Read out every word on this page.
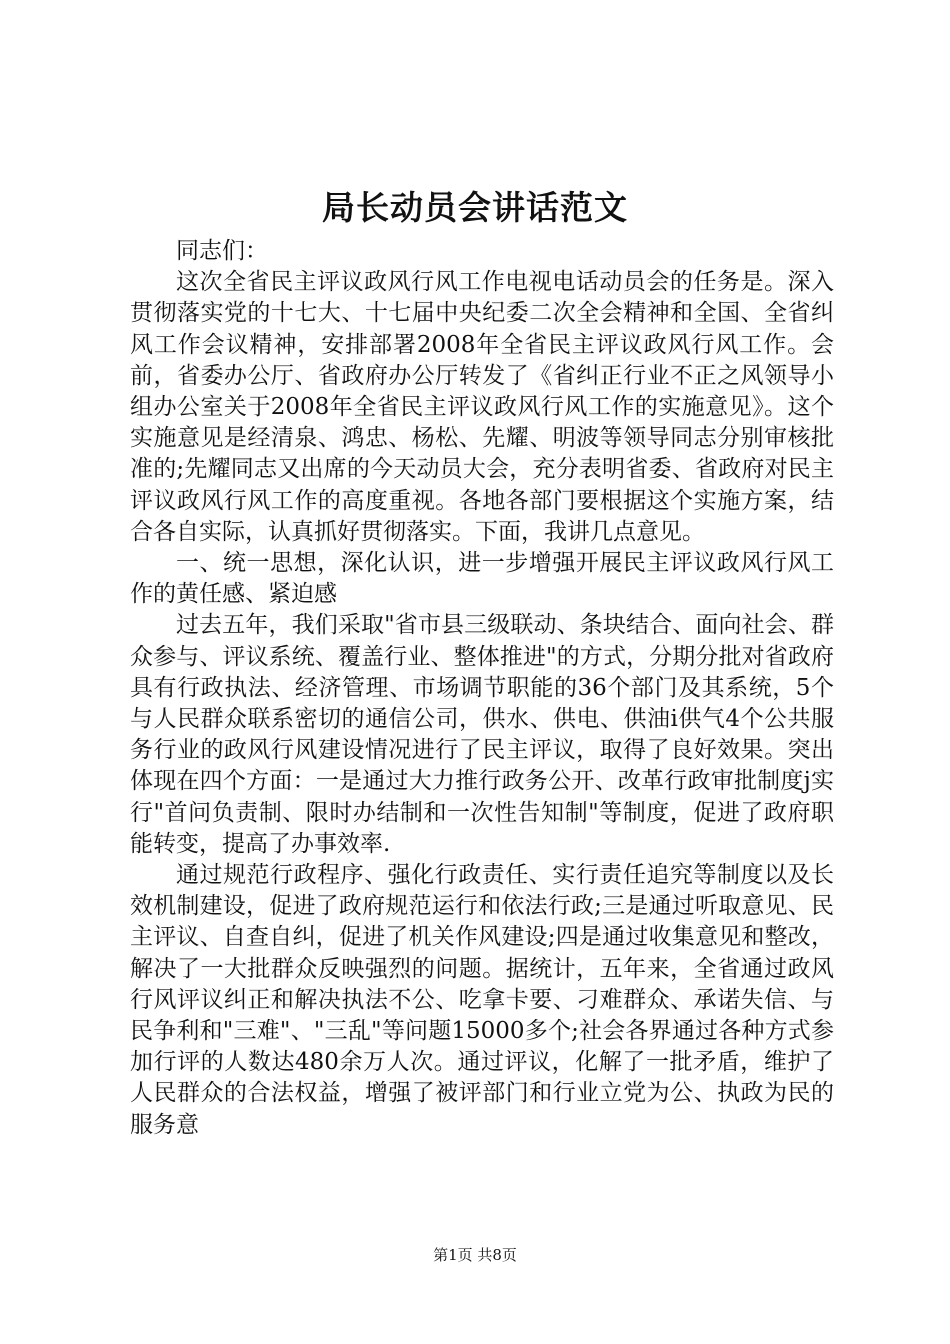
局长动员会讲话范文

同志们：

这次全省民主评议政风行风工作电视电话动员会的任务是。深入贯彻落实党的十七大、十七届中央纪委二次全会精神和全国、全省纠风工作会议精神，安排部署2008年全省民主评议政风行风工作。会前，省委办公厅、省政府办公厅转发了《省纠正行业不正之风领导小组办公室关于2008年全省民主评议政风行风工作的实施意见》。这个实施意见是经清泉、鸿忠、杨松、先耀、明波等领导同志分别审核批准的;先耀同志又出席的今天动员大会，充分表明省委、省政府对民主评议政风行风工作的高度重视。各地各部门要根据这个实施方案，结合各自实际，认真抓好贯彻落实。下面，我讲几点意见。

一、统一思想，深化认识，进一步增强开展民主评议政风行风工作的黄任感、紧迫感

过去五年，我们采取"省市县三级联动、条块结合、面向社会、群众参与、评议系统、覆盖行业、整体推进"的方式，分期分批对省政府具有行政执法、经济管理、市场调节职能的36个部门及其系统，5个与人民群众联系密切的通信公司，供水、供电、供油i供气4个公共服务行业的政风行风建设情况进行了民主评议，取得了良好效果。突出体现在四个方面：一是通过大力推行政务公开、改革行政审批制度j实行"首问负责制、限时办结制和一次性告知制"等制度，促进了政府职能转变，提高了办事效率.

通过规范行政程序、强化行政责任、实行责任追究等制度以及长效机制建设，促进了政府规范运行和依法行政;三是通过听取意见、民主评议、自查自纠，促进了机关作风建设;四是通过收集意见和整改，解决了一大批群众反映强烈的问题。据统计，五年来，全省通过政风行风评议纠正和解决执法不公、吃拿卡要、刁难群众、承诺失信、与民争利和"三难"、"三乱"等问题15000多个;社会各界通过各种方式参加行评的人数达480余万人次。通过评议，化解了一批矛盾，维护了人民群众的合法权益，增强了被评部门和行业立党为公、执政为民的服务意

第1页 共8页
